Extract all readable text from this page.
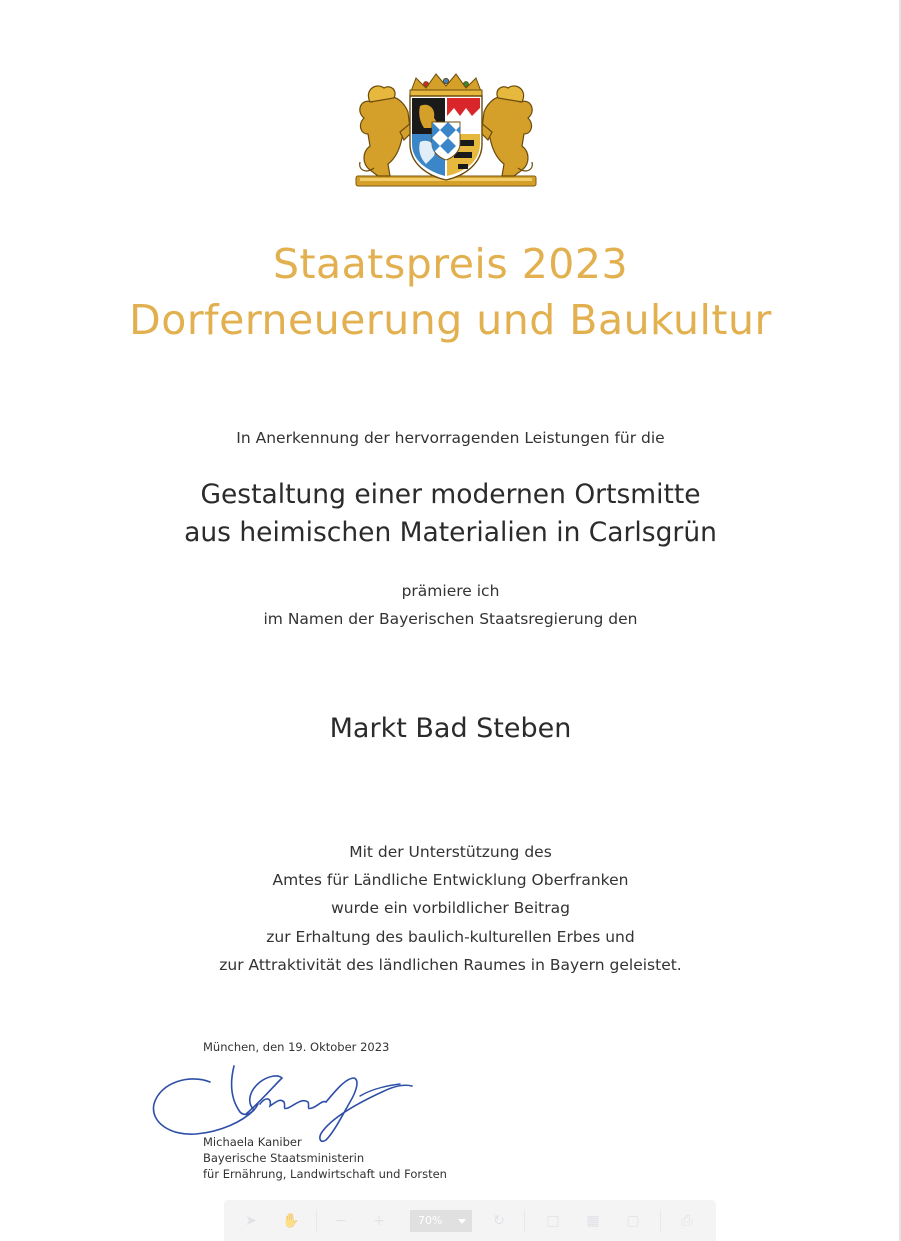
Staatspreis 2023
Dorferneuerung und Baukultur
In Anerkennung der hervorragenden Leistungen für die
Gestaltung einer modernen Ortsmitte
aus heimischen Materialien in Carlsgrün
prämiere ich
im Namen der Bayerischen Staatsregierung den
Markt Bad Steben
Mit der Unterstützung des
Amtes für Ländliche Entwicklung Oberfranken
wurde ein vorbildlicher Beitrag
zur Erhaltung des baulich-kulturellen Erbes und
zur Attraktivität des ländlichen Raumes in Bayern geleistet.
München, den 19. Oktober 2023
Michaela Kaniber
Bayerische Staatsministerin
für Ernährung, Landwirtschaft und Forsten
➤ ✋	− +	70%	↻	□ ▦ ▢	⎙
